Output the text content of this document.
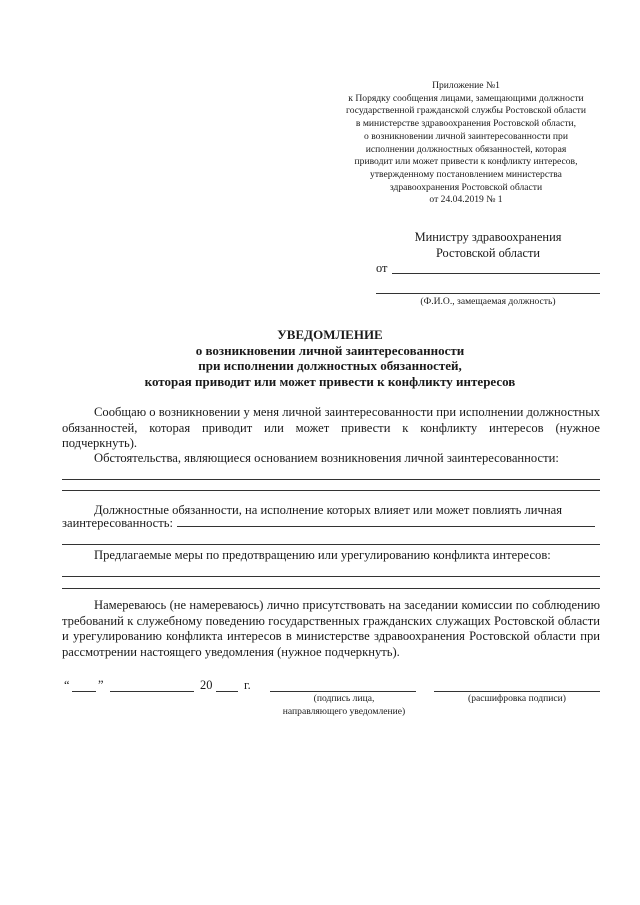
Приложение №1
к Порядку сообщения лицами, замещающими должности
государственной гражданской службы Ростовской области
в министерстве здравоохранения Ростовской области,
о возникновении личной заинтересованности при
исполнении должностных обязанностей, которая
приводит или может привести к конфликту интересов,
утвержденному постановлением министерства
здравоохранения Ростовской области
от 24.04.2019 № 1
Министру здравоохранения
Ростовской области
от
(Ф.И.О., замещаемая должность)
УВЕДОМЛЕНИЕ
о возникновении личной заинтересованности
при исполнении должностных обязанностей,
которая приводит или может привести к конфликту интересов
Сообщаю о возникновении у меня личной заинтересованности при исполнении должностных обязанностей, которая приводит или может привести к конфликту интересов (нужное подчеркнуть).
Обстоятельства, являющиеся основанием возникновения личной заинтересованности:
Должностные обязанности, на исполнение которых влияет или может повлиять личная
заинтересованность:
Предлагаемые меры по предотвращению или урегулированию конфликта интересов:
Намереваюсь (не намереваюсь) лично присутствовать на заседании комиссии по соблюдению требований к служебному поведению государственных гражданских служащих Ростовской области и урегулированию конфликта интересов в министерстве здравоохранения Ростовской области при рассмотрении настоящего уведомления (нужное подчеркнуть).
“ ”	20	г.
(подпись лица,
направляющего уведомление)
(расшифровка подписи)
